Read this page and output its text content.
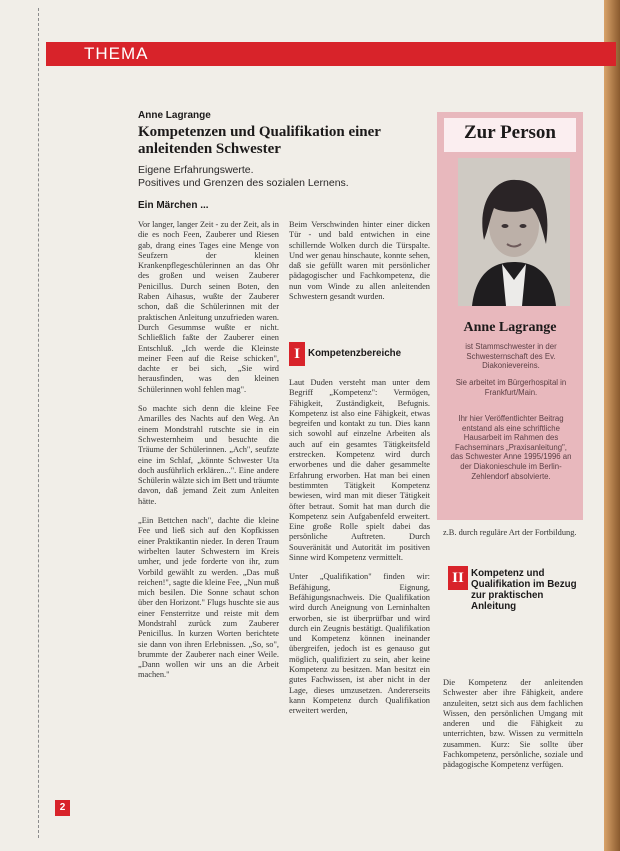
THEMA
Anne Lagrange
Kompetenzen und Qualifikation einer anleitenden Schwester
Eigene Erfahrungswerte.
Positives und Grenzen des sozialen Lernens.
Ein Märchen ...

Vor langer, langer Zeit - zu der Zeit, als in die es noch Feen, Zauberer und Riesen gab, drang eines Tages eine Menge von Seufzern der kleinen Krankenpflegeschülerinnen an das Ohr des großen und weisen Zauberer Penicillus. Durch seinen Boten, den Raben Aihasus, wußte der Zauberer schon, daß die Schülerinnen mit der praktischen Anleitung unzufrieden waren. Durch Gesummse wußte er nicht. Schließlich faßte der Zauberer einen Entschluß. „Ich werde die Kleinste meiner Feen auf die Reise schicken", dachte er bei sich, „Sie wird herausfinden, was den kleinen Schülerinnen wohl fehlen mag".

So machte sich denn die kleine Fee Amarilles des Nachts auf den Weg. An einem Mondstrahl rutschte sie in ein Schwesternheim und besuchte die Träume der Schülerinnen. „Ach", seufzte eine im Schlaf, „könnte Schwester Uta doch ausführlich erklären...". Eine andere Schülerin wälzte sich im Bett und träumte davon, daß jemand Zeit zum Anleiten hätte.

„Ein Bettchen nach", dachte die kleine Fee und ließ sich auf den Kopfkissen einer Praktikantin nieder. In deren Traum wirbelten lauter Schwestern im Kreis umher, und jede forderte von ihr, zum Vorbild gewählt zu werden. „Das muß reichen!", sagte die kleine Fee, „Nun muß mich besilen. Die Sonne schaut schon über den Horizont." Flugs huschte sie aus einer Fensterritze und reiste mit dem Mondstrahl zurück zum Zauberer Penicillus. In kurzen Worten berichtete sie dann von ihren Erlebnissen. „So, so", brummte der Zauberer nach einer Weile. „Dann wollen wir uns an die Arbeit machen."

Beim Verschwinden hinter einer dicken Tür - und bald entwichen in eine schillernde Wolken durch die Türspalte. Und wer genau hinschaute, konnte sehen, daß sie gefüllt waren mit persönlicher pädagogischer und Fachkompetenz, die nun vom Winde zu allen anleitenden Schwestern gesandt wurden.

I Kompetenzbereiche

Laut Duden versteht man unter dem Begriff „Kompetenz": Vermögen, Fähigkeit, Zuständigkeit, Befugnis. Kompetenz ist also eine Fähigkeit, etwas begreifen und kontakt zu tun. Dies kann sich sowohl auf einzelne Arbeiten als auch auf ein gesamtes Tätigkeitsfeld erstrecken. Kompetenz wird durch erworbenes und die daher gesammelte Erfahrung erworben. Hat man bei einen bestimmten Tätigkeit Kompetenz bewiesen, wird man mit dieser Tätigkeit öfter betraut. Somit hat man durch die Kompetenz sein Aufgabenfeld erweitert. Eine große Rolle spielt dabei das persönliche Auftreten. Durch Souveränität und Autorität im positiven Sinne wird Kompetenz vermittelt.

Unter „Qualifikation" finden wir: Befähigung, Eignung, Befähigungsnachweis. Die Qualifikation wird durch Aneignung von Lerninhalten erworben, sie ist überprüfbar und wird durch ein Zeugnis bestätigt. Qualifikation und Kompetenz können ineinander übergreifen, jedoch ist es genauso gut möglich, qualifiziert zu sein, aber keine Kompetenz zu besitzen. Man besitzt ein gutes Fachwissen, ist aber nicht in der Lage, dieses umzusetzen. Andererseits kann Kompetenz durch Qualifikation erweitert werden,

Zur Person
Anne Lagrange
ist Stammschwester in der Schwesternschaft des Ev. Diakonievereins.
Sie arbeitet im Bürgerhospital in Frankfurt/Main.
Ihr hier Veröffentlichter Beitrag entstand als eine schriftliche Hausarbeit im Rahmen des Fachseminars „Praxisanleitung", das Schwester Anne 1995/1996 an der Diakonieschule im Berlin-Zehlendorf absolvierte.

z.B. durch reguläre Art der Fortbildung.

II Kompetenz und Qualifikation im Bezug zur praktischen Anleitung

Die Kompetenz der anleitenden Schwester aber ihre Fähigkeit, andere anzuleiten, setzt sich aus dem fachlichen Wissen, den persönlichen Umgang mit anderen und die Fähigkeit zu unterrichten, bzw. Wissen zu vermitteln zusammen. Kurz: Sie sollte über Fachkompetenz, persönliche, soziale und pädagogische Kompetenz verfügen.

2
